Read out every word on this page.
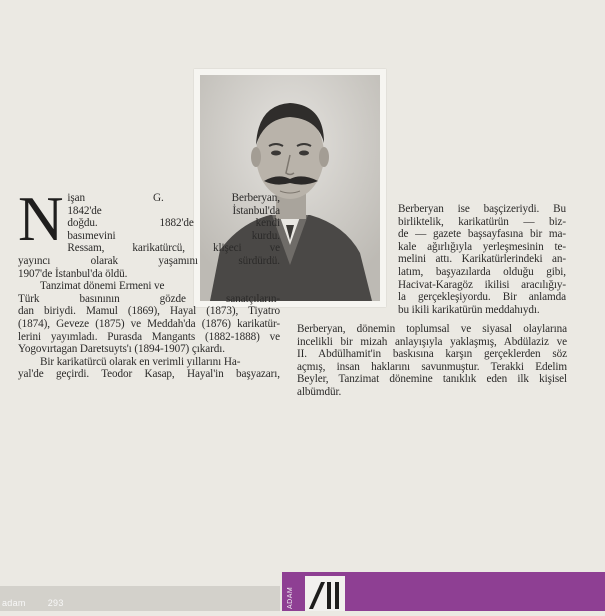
N işan G. Berberyan,
1842'de İstanbul'da
doğdu. 1882'de kendi
basımevini kurdu.
Ressam, karikatürcü, klişeci ve
yayıncı olarak yaşamını sürdürdü.
1907'de İstanbul'da öldü.
Tanzimat dönemi Ermeni ve
Türk basınının gözde sanatçıların-
dan biriydi. Mamul (1869), Hayal (1873), Tiyatro
(1874), Geveze (1875) ve Meddah'da (1876) karikatür-
lerini yayımladı. Purasda Mangants (1882-1888) ve
Yogovırtagan Daretsuyts'ı (1894-1907) çıkardı.
Bir karikatürcü olarak en verimli yıllarını Ha-
yal'de geçirdi. Teodor Kasap, Hayal'in başyazarı,
Berberyan ise başçizeriydi. Bu
birliktelik, karikatürün — biz-
de — gazete başsayfasına bir ma-
kale ağırlığıyla yerleşmesinin te-
melini attı. Karikatürlerindeki an-
latım, başyazılarda olduğu gibi,
Hacivat-Karagöz ikilisi aracılığıy-
la gerçekleşiyordu. Bir anlamda
bu ikili karikatürün meddahıydı.
Berberyan, dönemin toplumsal ve siyasal olaylarına
incelikli bir mizah anlayışıyla yaklaşmış, Abdülaziz ve
II. Abdülhamit'in baskısına karşın gerçeklerden söz
açmış, insan haklarını savunmuştur. Terakki Edelim
Beyler, Tanzimat dönemine tanıklık eden ilk kişisel
albümdür.
adam 293	ADAM
